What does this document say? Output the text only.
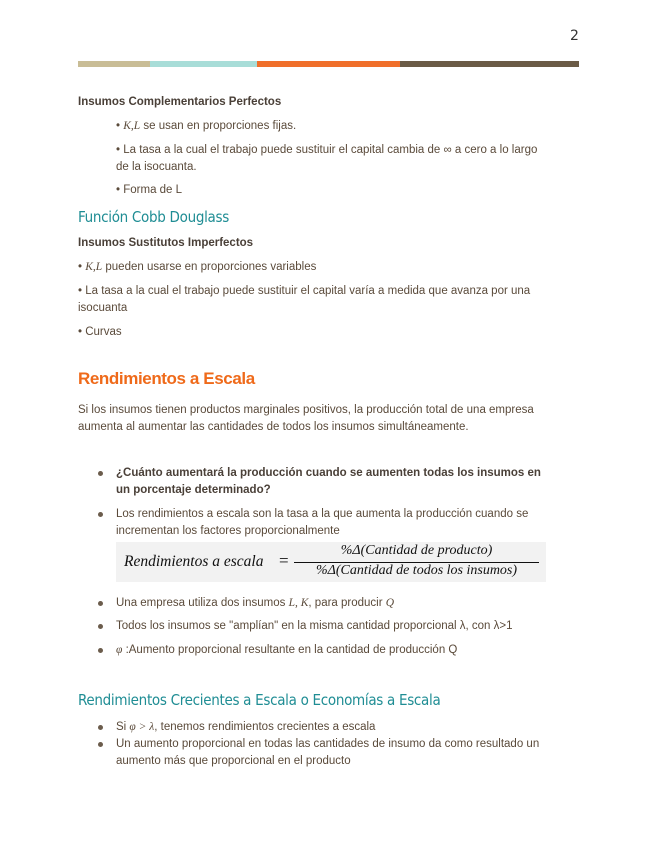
2
Insumos Complementarios Perfectos
• K,L se usan en proporciones fijas.
• La tasa a la cual el trabajo puede sustituir el capital cambia de ∞ a cero a lo largo
de la isocuanta.
• Forma de L
Función Cobb Douglass
Insumos Sustitutos Imperfectos
• K,L pueden usarse en proporciones variables
• La tasa a la cual el trabajo puede sustituir el capital varía a medida que avanza por una
isocuanta
• Curvas
Rendimientos a Escala
Si los insumos tienen productos marginales positivos, la producción total de una empresa
aumenta al aumentar las cantidades de todos los insumos simultáneamente.
¿Cuánto aumentará la producción cuando se aumenten todas los insumos en
un porcentaje determinado?
Los rendimientos a escala son la tasa a la que aumenta la producción cuando se
incrementan los factores proporcionalmente
Rendimientos a escala =
%Δ(Cantidad de producto)
%Δ(Cantidad de todos los insumos)
Una empresa utiliza dos insumos L, K, para producir Q
Todos los insumos se "amplían" en la misma cantidad proporcional λ, con λ>1
φ :Aumento proporcional resultante en la cantidad de producción Q
Rendimientos Crecientes a Escala o Economías a Escala
Si φ > λ, tenemos rendimientos crecientes a escala
Un aumento proporcional en todas las cantidades de insumo da como resultado un
aumento más que proporcional en el producto
